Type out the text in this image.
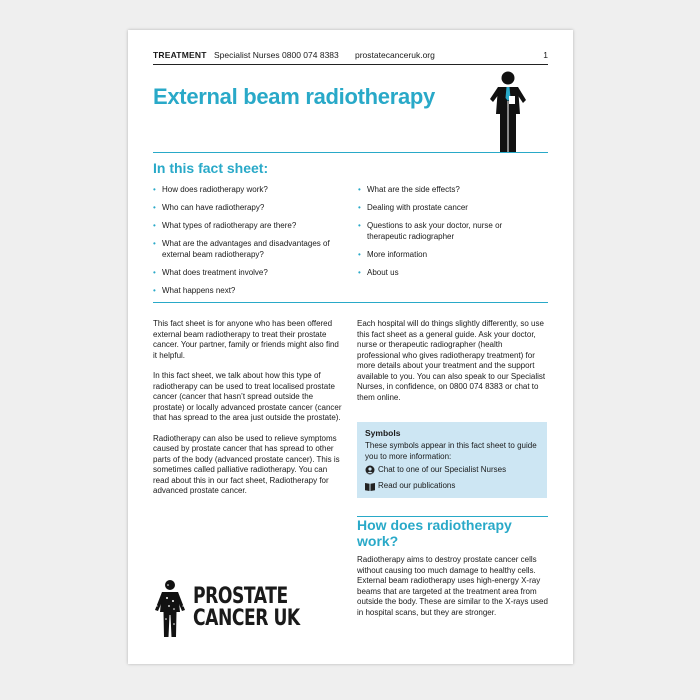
TREATMENT Specialist Nurses 0800 074 8383 prostatecanceruk.org	1
External beam radiotherapy
In this fact sheet:
• How does radiotherapy work?
• Who can have radiotherapy?
• What types of radiotherapy are there?
• What are the advantages and disadvantages of external beam radiotherapy?
• What does treatment involve?
• What happens next?
• What are the side effects?
• Dealing with prostate cancer
• Questions to ask your doctor, nurse or therapeutic radiographer
• More information
• About us

This fact sheet is for anyone who has been offered external beam radiotherapy to treat their prostate cancer. Your partner, family or friends might also find it helpful.

In this fact sheet, we talk about how this type of radiotherapy can be used to treat localised prostate cancer (cancer that hasn’t spread outside the prostate) or locally advanced prostate cancer (cancer that has spread to the area just outside the prostate).

Radiotherapy can also be used to relieve symptoms caused by prostate cancer that has spread to other parts of the body (advanced prostate cancer). This is sometimes called palliative radiotherapy. You can read about this in our fact sheet, Radiotherapy for advanced prostate cancer.

Each hospital will do things slightly differently, so use this fact sheet as a general guide. Ask your doctor, nurse or therapeutic radiographer (health professional who gives radiotherapy treatment) for more details about your treatment and the support available to you. You can also speak to our Specialist Nurses, in confidence, on 0800 074 8383 or chat to them online.

Symbols
These symbols appear in this fact sheet to guide you to more information:
Chat to one of our Specialist Nurses
Read our publications
How does radiotherapy work?
Radiotherapy aims to destroy prostate cancer cells without causing too much damage to healthy cells. External beam radiotherapy uses high-energy X-ray beams that are targeted at the treatment area from outside the body. These are similar to the X-rays used in hospital scans, but they are stronger.
PROSTATE
CANCER UK
